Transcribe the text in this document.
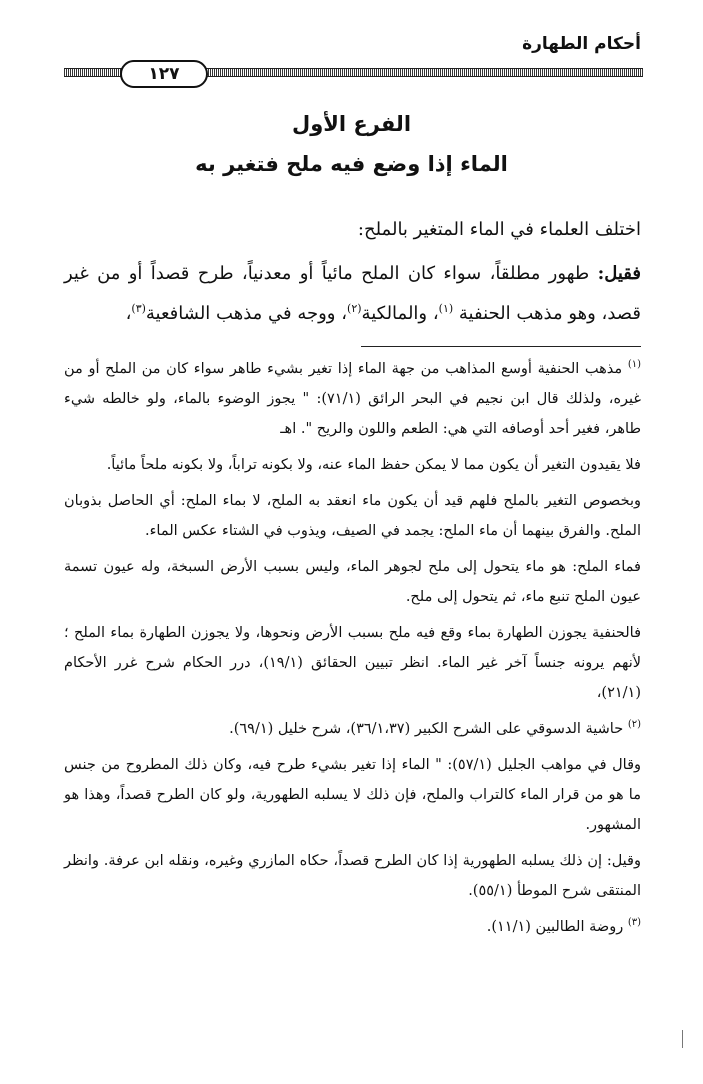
أحكام الطهارة
١٢٧
الفرع الأول
الماء إذا وضع فيه ملح فتغير به
اختلف العلماء في الماء المتغير بالملح:
فقيل: طهور مطلقاً، سواء كان الملح مائياً أو معدنياً، طرح قصداً أو من غير قصد، وهو مذهب الحنفية $^{(١)}$، والمالكية$^{(٢)}$، ووجه في مذهب الشافعية$^{(٣)}$،

$^{(١)}$ مذهب الحنفية أوسع المذاهب من جهة الماء إذا تغير بشيء طاهر سواء كان من الملح أو من غيره، ولذلك قال ابن نجيم في البحر الرائق (٧١/١): " يجوز الوضوء بالماء، ولو خالطه شيء طاهر، فغير أحد أوصافه التي هي: الطعم واللون والريح ". اهـ

فلا يقيدون التغير أن يكون مما لا يمكن حفظ الماء عنه، ولا بكونه تراباً، ولا بكونه ملحاً مائياً.

وبخصوص التغير بالملح فلهم قيد أن يكون ماء انعقد به الملح، لا بماء الملح: أي الحاصل بذوبان الملح. والفرق بينهما أن ماء الملح: يجمد في الصيف، ويذوب في الشتاء عكس الماء.

فماء الملح: هو ماء يتحول إلى ملح لجوهر الماء، وليس بسبب الأرض السبخة، وله عيون تسمة عيون الملح تنبع ماء، ثم يتحول إلى ملح.

فالحنفية يجوزن الطهارة بماء وقع فيه ملح بسبب الأرض ونحوها، ولا يجوزن الطهارة بماء الملح ؛ لأنهم يرونه جنساً آخر غير الماء. انظر تبيين الحقائق (١٩/١)، درر الحكام شرح غرر الأحكام (٢١/١)،

$^{(٢)}$ حاشية الدسوقي على الشرح الكبير (٣٦/١،٣٧)، شرح خليل (٦٩/١).

وقال في مواهب الجليل (٥٧/١): " الماء إذا تغير بشيء طرح فيه، وكان ذلك المطروح من جنس ما هو من قرار الماء كالتراب والملح، فإن ذلك لا يسلبه الطهورية، ولو كان الطرح قصداً، وهذا هو المشهور.

وقيل: إن ذلك يسلبه الطهورية إذا كان الطرح قصداً، حكاه المازري وغيره، ونقله ابن عرفة. وانظر المنتقى شرح الموطأ (٥٥/١).

$^{(٣)}$ روضة الطالبين (١١/١).
